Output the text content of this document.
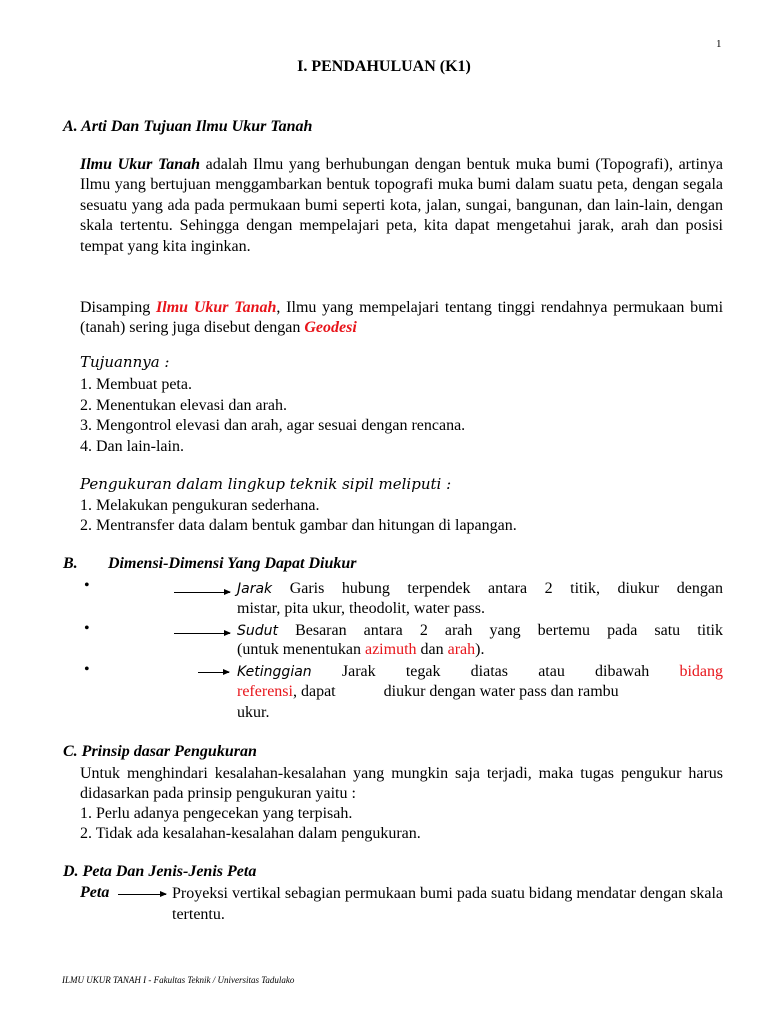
1
I. PENDAHULUAN (K1)
A. Arti Dan Tujuan Ilmu Ukur Tanah
Ilmu Ukur Tanah adalah Ilmu yang berhubungan dengan bentuk muka bumi (Topografi), artinya Ilmu yang bertujuan menggambarkan bentuk topografi muka bumi dalam suatu peta, dengan segala sesuatu yang ada pada permukaan bumi seperti kota, jalan, sungai, bangunan, dan lain-lain, dengan skala tertentu. Sehingga dengan mempelajari peta, kita dapat mengetahui jarak, arah dan posisi tempat yang kita inginkan.
Disamping Ilmu Ukur Tanah, Ilmu yang mempelajari tentang tinggi rendahnya permukaan bumi (tanah) sering juga disebut dengan Geodesi
Tujuannya :
1. Membuat peta.
2. Menentukan elevasi dan arah.
3. Mengontrol elevasi dan arah, agar sesuai dengan rencana.
4. Dan lain-lain.
Pengukuran dalam lingkup teknik sipil meliputi :
1. Melakukan pengukuran sederhana.
2. Mentransfer data dalam bentuk gambar dan hitungan di lapangan.
B. Dimensi-Dimensi Yang Dapat Diukur
•	Jarak Garis hubung terpendek antara 2 titik, diukur dengan
mistar, pita ukur, theodolit, water pass.
•	Sudut Besaran antara 2 arah yang bertemu pada satu titik
(untuk menentukan azimuth dan arah).
•	Ketinggian Jarak tegak diatas atau dibawah bidang
referensi, dapat            diukur dengan water pass dan rambu
ukur.
C. Prinsip dasar Pengukuran
Untuk menghindari kesalahan-kesalahan yang mungkin saja terjadi, maka tugas pengukur harus didasarkan pada prinsip pengukuran yaitu :
1. Perlu adanya pengecekan yang terpisah.
2. Tidak ada kesalahan-kesalahan dalam pengukuran.
D. Peta Dan Jenis-Jenis Peta
Peta	Proyeksi vertikal sebagian permukaan bumi pada suatu bidang mendatar dengan skala tertentu.
ILMU UKUR TANAH I - Fakultas Teknik / Universitas Tadulako
